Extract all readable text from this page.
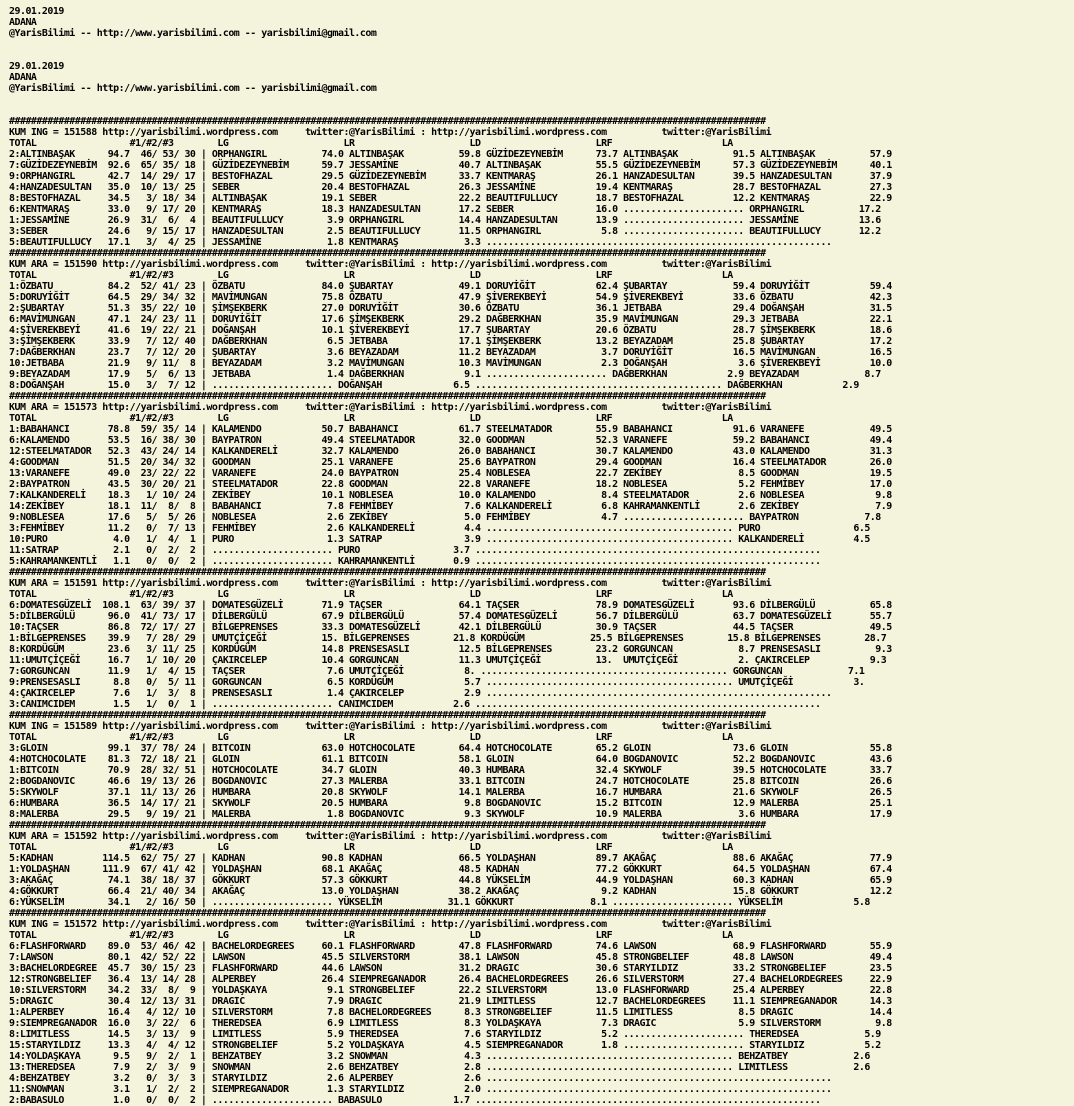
29.01.2019
ADANA
@YarisBilimi -- http://www.yarisbilimi.com -- yarisbilimi@gmail.com
29.01.2019
ADANA
@YarisBilimi -- http://www.yarisbilimi.com -- yarisbilimi@gmail.com
##########################################################################################################################################
KUM ING = 151588 http://yarisbilimi.wordpress.com     twitter:@YarisBilimi : http://yarisbilimi.wordpress.com          twitter:@YarisBilimi
TOTAL                 #1/#2/#3        LG                     LR                     LD                     LRF                    LA
2:ALTINBAŞAK      94.7  46/ 53/ 30 | ORPHANGIRL          74.0 ALTINBAŞAK          59.8 GÜZİDEZEYNEBİM      73.7 ALTINBAŞAK          91.5 ALTINBAŞAK          57.9
7:GÜZİDEZEYNEBİM  92.6  65/ 35/ 18 | GÜZİDEZEYNEBİM      59.7 JESSAMİNE           40.7 ALTINBAŞAK          55.5 GÜZİDEZEYNEBİM      57.3 GÜZİDEZEYNEBİM      40.1
9:ORPHANGIRL      42.7  14/ 29/ 17 | BESTOFHAZAL         29.5 GÜZİDEZEYNEBİM      33.7 KENTMARAŞ           26.1 HANZADESULTAN       39.5 HANZADESULTAN       37.9
4:HANZADESULTAN   35.0  10/ 13/ 25 | SEBER               20.4 BESTOFHAZAL         26.3 JESSAMİNE           19.4 KENTMARAŞ           28.7 BESTOFHAZAL         27.3
8:BESTOFHAZAL     34.5   3/ 18/ 34 | ALTINBAŞAK          19.1 SEBER               22.2 BEAUTIFULLUCY       18.7 BESTOFHAZAL         12.2 KENTMARAŞ           22.9
6:KENTMARAŞ       33.0   9/ 17/ 20 | KENTMARAŞ           18.3 HANZADESULTAN       17.2 SEBER               16.0 ...................... ORPHANGIRL          17.2
1:JESSAMİNE       26.9  31/  6/  4 | BEAUTIFULLUCY        3.9 ORPHANGIRL          14.4 HANZADESULTAN       13.9 ...................... JESSAMİNE           13.6
3:SEBER           24.6   9/ 15/ 17 | HANZADESULTAN        2.5 BEAUTIFULLUCY       11.5 ORPHANGIRL           5.8 ...................... BEAUTIFULLUCY       12.2
5:BEAUTIFULLUCY   17.1   3/  4/ 25 | JESSAMİNE            1.8 KENTMARAŞ            3.3 ...............................................................
##########################################################################################################################################
KUM ARA = 151590 http://yarisbilimi.wordpress.com     twitter:@YarisBilimi : http://yarisbilimi.wordpress.com          twitter:@YarisBilimi
TOTAL                 #1/#2/#3        LG                     LR                     LD                     LRF                    LA
1:ÖZBATU          84.2  52/ 41/ 23 | ÖZBATU              84.0 ŞUBARTAY            49.1 DORUYİĞİT           62.4 ŞUBARTAY            59.4 DORUYİĞİT           59.4
5:DORUYİĞİT       64.5  29/ 34/ 32 | MAVİMUNGAN          75.8 ÖZBATU              47.9 ŞİVEREKBEYİ         54.9 ŞİVEREKBEYİ         33.6 ÖZBATU              42.3
2:ŞUBARTAY        51.3  35/ 22/ 10 | ŞİMŞEKBERK          27.0 DORUYİĞİT           30.6 ÖZBATU              36.1 JETBABA             29.4 DOĞANŞAH            31.5
6:MAVİMUNGAN      47.1  24/ 23/ 11 | DORUYİĞİT           17.6 ŞİMŞEKBERK          29.2 DAĞBERKHAN          35.9 MAVİMUNGAN          29.3 JETBABA             22.1
4:ŞİVEREKBEYİ     41.6  19/ 22/ 21 | DOĞANŞAH            10.1 ŞİVEREKBEYİ         17.7 ŞUBARTAY            20.6 ÖZBATU              28.7 ŞİMŞEKBERK          18.6
3:ŞİMŞEKBERK      33.9   7/ 12/ 40 | DAĞBERKHAN           6.5 JETBABA             17.1 ŞİMŞEKBERK          13.2 BEYAZADAM           25.8 ŞUBARTAY            17.2
7:DAĞBERKHAN      23.7   7/ 12/ 20 | ŞUBARTAY             3.6 BEYAZADAM           11.2 BEYAZADAM            3.7 DORUYİĞİT           16.5 MAVİMUNGAN          16.5
10:JETBABA        21.9   9/ 11/  8 | BEYAZADAM            3.2 MAVİMUNGAN          10.3 MAVİMUNGAN           2.3 DOĞANŞAH             3.6 ŞİVEREKBEYİ         10.0
9:BEYAZADAM       17.9   5/  6/ 13 | JETBABA              1.4 DAĞBERKHAN           9.1 ...................... DAĞBERKHAN           2.9 BEYAZADAM            8.7
8:DOĞANŞAH        15.0   3/  7/ 12 | ...................... DOĞANŞAH             6.5 ............................................. DAĞBERKHAN           2.9
##########################################################################################################################################
KUM ARA = 151573 http://yarisbilimi.wordpress.com     twitter:@YarisBilimi : http://yarisbilimi.wordpress.com          twitter:@YarisBilimi
TOTAL                 #1/#2/#3        LG                     LR                     LD                     LRF                    LA
1:BABAHANCI       78.8  59/ 35/ 14 | KALAMENDO           50.7 BABAHANCI           61.7 STEELMATADOR        55.9 BABAHANCI           91.6 VARANEFE            49.5
6:KALAMENDO       53.5  16/ 38/ 30 | BAYPATRON           49.4 STEELMATADOR        32.0 GOODMAN             52.3 VARANEFE            59.2 BABAHANCI           49.4
12:STEELMATADOR   52.3  43/ 24/ 14 | KALKANDERELİ        32.7 KALAMENDO           26.0 BABAHANCI           30.7 KALAMENDO           43.0 KALAMENDO           31.3
4:GOODMAN         51.5  20/ 34/ 32 | GOODMAN             25.1 VARANEFE            25.6 BAYPATRON           29.4 GOODMAN             16.4 STEELMATADOR        26.0
13:VARANEFE       49.0  23/ 22/ 22 | VARANEFE            24.0 BAYPATRON           25.4 NOBLESEA            22.7 ZEKİBEY              8.5 GOODMAN             19.5
2:BAYPATRON       43.5  30/ 20/ 21 | STEELMATADOR        22.8 GOODMAN             22.8 VARANEFE            18.2 NOBLESEA             5.2 FEHMİBEY            17.0
7:KALKANDERELİ    18.3   1/ 10/ 24 | ZEKİBEY             10.1 NOBLESEA            10.0 KALAMENDO            8.4 STEELMATADOR         2.6 NOBLESEA             9.8
14:ZEKİBEY        18.1  11/  8/  8 | BABAHANCI            7.8 FEHMİBEY             7.6 KALKANDERELİ         6.8 KAHRAMANKENTLİ       2.6 ZEKİBEY              7.9
9:NOBLESEA        17.6   5/  5/ 26 | NOBLESEA             2.6 ZEKİBEY              5.0 FEHMİBEY             4.7 ...................... BAYPATRON            7.8
3:FEHMİBEY        11.2   0/  7/ 13 | FEHMİBEY             2.6 KALKANDERELİ         4.4 ............................................. PURO                 6.5
10:PURO            4.0   1/  4/  1 | PURO                 1.3 SATRAP               3.9 ............................................. KALKANDERELİ         4.5
11:SATRAP          2.1   0/  2/  2 | ...................... PURO                 3.7 ...............................................................
5:KAHRAMANKENTLİ   1.1   0/  0/  2 | ...................... KAHRAMANKENTLİ       0.9 ...............................................................
##########################################################################################################################################
KUM ARA = 151591 http://yarisbilimi.wordpress.com     twitter:@YarisBilimi : http://yarisbilimi.wordpress.com          twitter:@YarisBilimi
TOTAL                 #1/#2/#3        LG                     LR                     LD                     LRF                    LA
6:DOMATESGÜZELİ  108.1  63/ 39/ 37 | DOMATESGÜZELİ       71.9 TAÇSER              64.1 TAÇSER              78.9 DOMATESGÜZELİ       93.6 DİLBERGÜLÜ          65.8
5:DİLBERGÜLÜ      96.0  41/ 73/ 17 | DİLBERGÜLÜ          67.9 DİLBERGÜLÜ          57.4 DOMATESGÜZELİ       56.7 DİLBERGÜLÜ          63.7 DOMATESGÜZELİ       55.7
10:TAÇSER         86.8  72/ 17/ 27 | BİLGEPRENSES        33.3 DOMATESGÜZELİ       42.1 DİLBERGÜLÜ          30.9 TAÇSER              44.5 TAÇSER              49.5
1:BİLGEPRENSES    39.9   7/ 28/ 29 | UMUTÇİÇEĞİ          15. BİLGEPRENSES        21.8 KORDÜGÜM            25.5 BİLGEPRENSES        15.8 BİLGEPRENSES        28.7
8:KORDÜGÜM        23.6   3/ 11/ 25 | KORDÜGÜM            14.8 PRENSESASLI         12.5 BİLGEPRENSES        23.2 GORGUNCAN            8.7 PRENSESASLI          9.3
11:UMUTÇİÇEĞİ     16.7   1/ 10/ 20 | ÇAKIRCELEP          10.4 GORGUNCAN           11.3 UMUTÇİÇEĞİ          13.  UMUTÇİÇEĞİ           2. ÇAKIRCELEP           9.3
7:GORGUNCAN       11.9   1/  4/ 15 | TAÇSER               7.6 UMUTÇİÇEĞİ           8. ............................................. GORGUNCAN            7.1
9:PRENSESASLI      8.8   0/  5/ 11 | GORGUNCAN            6.5 KORDÜGÜM             5.7 ............................................. UMUTÇİÇEĞİ           3.
4:ÇAKIRCELEP       7.6   1/  3/  8 | PRENSESASLI          1.4 ÇAKIRCELEP           2.9 ...............................................................
3:CANIMCIDEM       1.5   1/  0/  1 | ...................... CANIMCIDEM           2.6 ...............................................................
##########################################################################################################################################
KUM ING = 151589 http://yarisbilimi.wordpress.com     twitter:@YarisBilimi : http://yarisbilimi.wordpress.com          twitter:@YarisBilimi
TOTAL                 #1/#2/#3        LG                     LR                     LD                     LRF                    LA
3:GLOIN           99.1  37/ 78/ 24 | BITCOIN             63.0 HOTCHOCOLATE        64.4 HOTCHOCOLATE        65.2 GLOIN               73.6 GLOIN               55.8
4:HOTCHOCOLATE    81.3  72/ 18/ 21 | GLOIN               61.1 BITCOIN             58.1 GLOIN               64.0 BOGDANOVIC          52.2 BOGDANOVIC          43.6
1:BITCOIN         70.9  28/ 32/ 51 | HOTCHOCOLATE        34.7 GLOIN               40.3 HUMBARA             32.4 SKYWOLF             39.5 HOTCHOCOLATE        33.7
2:BOGDANOVIC      46.6  19/ 13/ 26 | BOGDANOVIC          27.3 MALERBA             33.1 BITCOIN             24.7 HOTCHOCOLATE        25.8 BITCOIN             26.6
5:SKYWOLF         37.1  11/ 13/ 26 | HUMBARA             20.8 SKYWOLF             14.1 MALERBA             16.7 HUMBARA             21.6 SKYWOLF             26.5
6:HUMBARA         36.5  14/ 17/ 21 | SKYWOLF             20.5 HUMBARA              9.8 BOGDANOVIC          15.2 BITCOIN             12.9 MALERBA             25.1
8:MALERBA         29.5   9/ 19/ 21 | MALERBA              1.8 BOGDANOVIC           9.3 SKYWOLF             10.9 MALERBA              3.6 HUMBARA             17.9
##########################################################################################################################################
KUM ARA = 151592 http://yarisbilimi.wordpress.com     twitter:@YarisBilimi : http://yarisbilimi.wordpress.com          twitter:@YarisBilimi
TOTAL                 #1/#2/#3        LG                     LR                     LD                     LRF                    LA
5:KADHAN         114.5  62/ 75/ 27 | KADHAN              90.8 KADHAN              66.5 YOLDAŞHAN           89.7 AKAĞAÇ              88.6 AKAĞAÇ              77.9
1:YOLDAŞHAN      111.9  67/ 41/ 42 | YOLDAŞHAN           68.1 AKAĞAÇ              48.5 KADHAN              77.2 GÖKKURT             64.5 YOLDAŞHAN           67.4
3:AKAĞAÇ          74.1  38/ 18/ 37 | GÖKKURT             57.3 GÖKKURT             44.8 YÜKSELİM            44.9 YOLDAŞHAN           60.3 KADHAN              65.9
4:GÖKKURT         66.4  21/ 40/ 34 | AKAĞAÇ              13.0 YOLDAŞHAN           38.2 AKAĞAÇ               9.2 KADHAN              15.8 GÖKKURT             12.2
6:YÜKSELİM        34.1   2/ 16/ 50 | ...................... YÜKSELİM            31.1 GÖKKURT              8.1 ...................... YÜKSELİM             5.8
##########################################################################################################################################
KUM ING = 151572 http://yarisbilimi.wordpress.com     twitter:@YarisBilimi : http://yarisbilimi.wordpress.com          twitter:@YarisBilimi
TOTAL                 #1/#2/#3        LG                     LR                     LD                     LRF                    LA
6:FLASHFORWARD    89.0  53/ 46/ 42 | BACHELORDEGREES     60.1 FLASHFORWARD        47.8 FLASHFORWARD        74.6 LAWSON              68.9 FLASHFORWARD        55.9
7:LAWSON          80.1  42/ 52/ 22 | LAWSON              45.5 SILVERSTORM         38.1 LAWSON              45.8 STRONGBELIEF        48.8 LAWSON              49.4
3:BACHELORDEGREE  45.7  30/ 15/ 23 | FLASHFORWARD        44.6 LAWSON              31.2 DRAGIC              30.6 STARYILDIZ          33.2 STRONGBELIEF        23.5
12:STRONGBELIEF   36.4  13/ 14/ 28 | ALPERBEY            26.4 SIEMPREGANADOR      26.4 BACHELORDEGREES     26.6 SILVERSTORM         27.4 BACHELORDEGREES     22.9
10:SILVERSTORM    34.2  33/  8/  9 | YOLDAŞKAYA           9.1 STRONGBELIEF        22.2 SILVERSTORM         13.0 FLASHFORWARD        25.4 ALPERBEY            22.8
5:DRAGIC          30.4  12/ 13/ 31 | DRAGIC               7.9 DRAGIC              21.9 LIMITLESS           12.7 BACHELORDEGREES     11.1 SIEMPREGANADOR      14.3
1:ALPERBEY        16.4   4/ 12/ 10 | SILVERSTORM          7.8 BACHELORDEGREES      8.3 STRONGBELIEF        11.5 LIMITLESS            8.5 DRAGIC              14.4
9:SIEMPREGANADOR  16.0   3/ 22/  6 | THEREDSEA            6.9 LIMITLESS            8.3 YOLDAŞKAYA           7.3 DRAGIC               5.9 SILVERSTORM          9.8
8:LIMITLESS       14.5   3/ 13/  9 | LIMITLESS            5.9 THEREDSEA            7.6 STARYILDIZ           5.2 ...................... THEREDSEA            5.9
15:STARYILDIZ     13.3   4/  4/ 12 | STRONGBELIEF         5.2 YOLDAŞKAYA           4.5 SIEMPREGANADOR       1.8 ...................... STARYILDIZ           5.2
14:YOLDAŞKAYA      9.5   9/  2/  1 | BEHZATBEY            3.2 SNOWMAN              4.3 ............................................. BEHZATBEY            2.6
13:THEREDSEA       7.9   2/  3/  9 | SNOWMAN              2.6 BEHZATBEY            2.8 ............................................. LIMITLESS            2.6
4:BEHZATBEY        3.2   0/  3/  3 | STARYILDIZ           2.6 ALPERBEY             2.6 ...............................................................
11:SNOWMAN         3.1   1/  2/  2 | SIEMPREGANADOR       1.3 STARYILDIZ           2.0 ...............................................................
2:BABASULO         1.0   0/  0/  2 | ...................... BABASULO             1.7 ...............................................................
